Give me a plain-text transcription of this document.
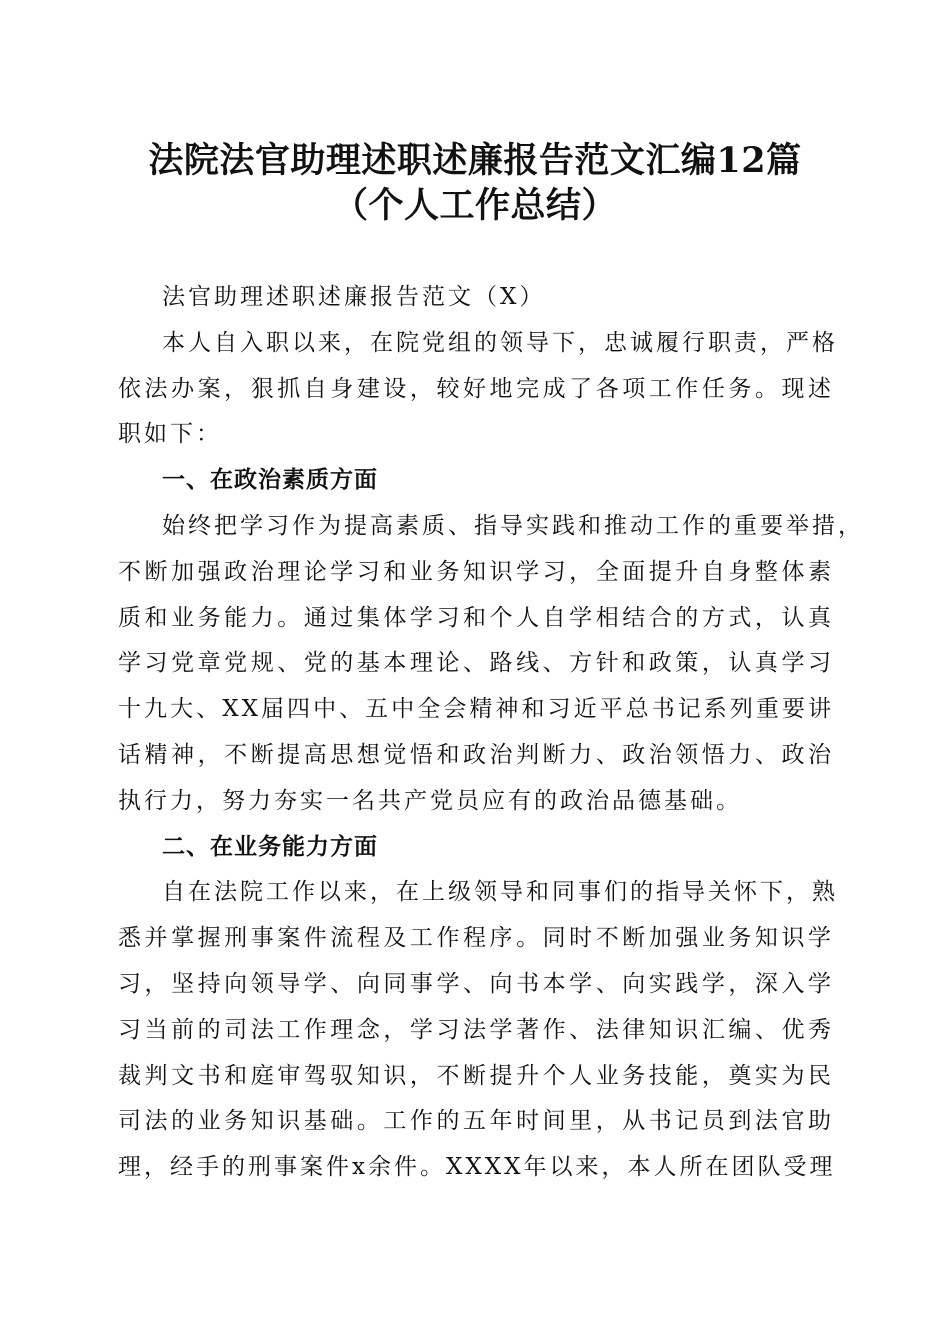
法院法官助理述职述廉报告范文汇编12篇
（个人工作总结）
法官助理述职述廉报告范文（X）
本人自入职以来，在院党组的领导下，忠诚履行职责，严格
依法办案，狠抓自身建设，较好地完成了各项工作任务。现述
职如下：
一、在政治素质方面
始终把学习作为提高素质、指导实践和推动工作的重要举措，
不断加强政治理论学习和业务知识学习，全面提升自身整体素
质和业务能力。通过集体学习和个人自学相结合的方式，认真
学习党章党规、党的基本理论、路线、方针和政策，认真学习
十九大、XX届四中、五中全会精神和习近平总书记系列重要讲
话精神，不断提高思想觉悟和政治判断力、政治领悟力、政治
执行力，努力夯实一名共产党员应有的政治品德基础。
二、在业务能力方面
自在法院工作以来，在上级领导和同事们的指导关怀下，熟
悉并掌握刑事案件流程及工作程序。同时不断加强业务知识学
习，坚持向领导学、向同事学、向书本学、向实践学，深入学
习当前的司法工作理念，学习法学著作、法律知识汇编、优秀
裁判文书和庭审驾驭知识，不断提升个人业务技能，奠实为民
司法的业务知识基础。工作的五年时间里，从书记员到法官助
理，经手的刑事案件x余件。XXXX年以来，本人所在团队受理
